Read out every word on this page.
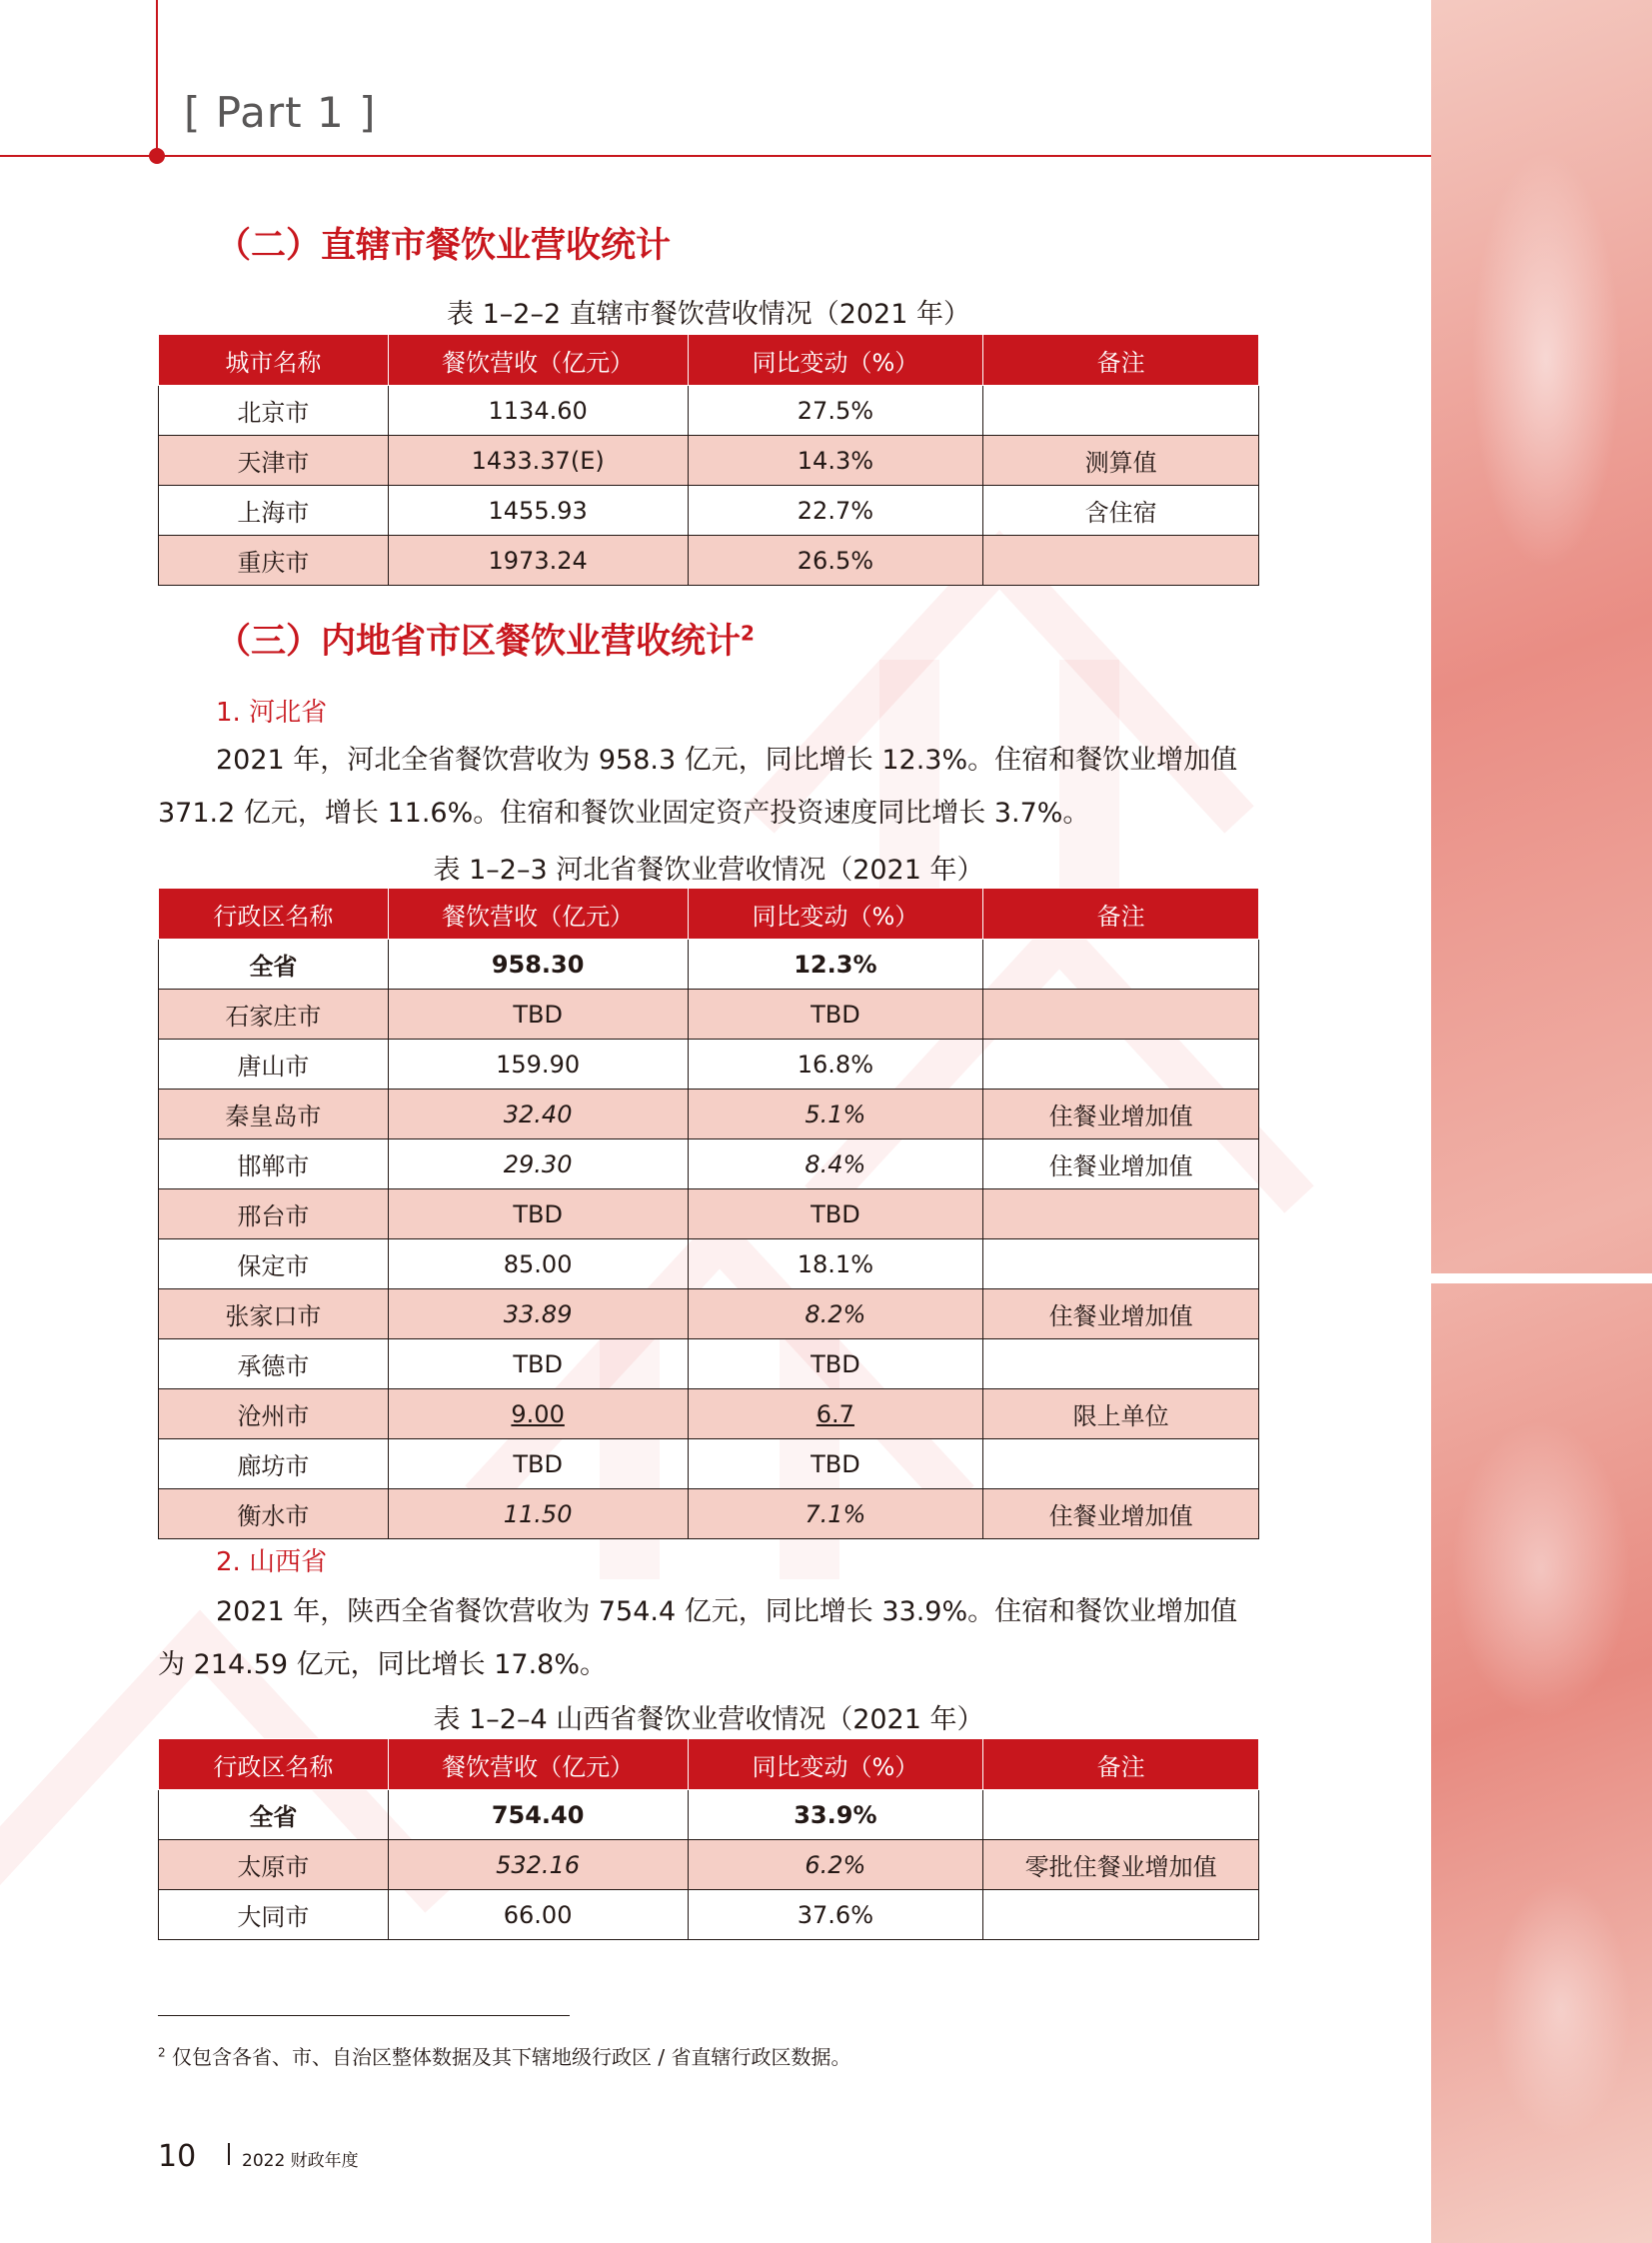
[ Part 1 ]
（二）直辖市餐饮业营收统计
表 1–2–2 直辖市餐饮营收情况（2021 年）
城市名称	餐饮营收（亿元）	同比变动（%）	备注
北京市	1134.60	27.5%	
天津市	1433.37(E)	14.3%	测算值
上海市	1455.93	22.7%	含住宿
重庆市	1973.24	26.5%	
（三）内地省市区餐饮业营收统计$^2$
1. 河北省
2021 年，河北全省餐饮营收为 958.3 亿元，同比增长 12.3%。住宿和餐饮业增加值 371.2 亿元，增长 11.6%。住宿和餐饮业固定资产投资速度同比增长 3.7%。
表 1–2–3 河北省餐饮业营收情况（2021 年）
行政区名称	餐饮营收（亿元）	同比变动（%）	备注
全省	958.30	12.3%	
石家庄市	TBD	TBD	
唐山市	159.90	16.8%	
秦皇岛市	32.40	5.1%	住餐业增加值
邯郸市	29.30	8.4%	住餐业增加值
邢台市	TBD	TBD	
保定市	85.00	18.1%	
张家口市	33.89	8.2%	住餐业增加值
承德市	TBD	TBD	
沧州市	9.00	6.7	限上单位
廊坊市	TBD	TBD	
衡水市	11.50	7.1%	住餐业增加值
2. 山西省
2021 年，陕西全省餐饮营收为 754.4 亿元，同比增长 33.9%。住宿和餐饮业增加值为 214.59 亿元，同比增长 17.8%。
表 1–2–4 山西省餐饮业营收情况（2021 年）
行政区名称	餐饮营收（亿元）	同比变动（%）	备注
全省	754.40	33.9%	
太原市	532.16	6.2%	零批住餐业增加值
大同市	66.00	37.6%	
$^2$ 仅包含各省、市、自治区整体数据及其下辖地级行政区 / 省直辖行政区数据。
10	2022 财政年度
